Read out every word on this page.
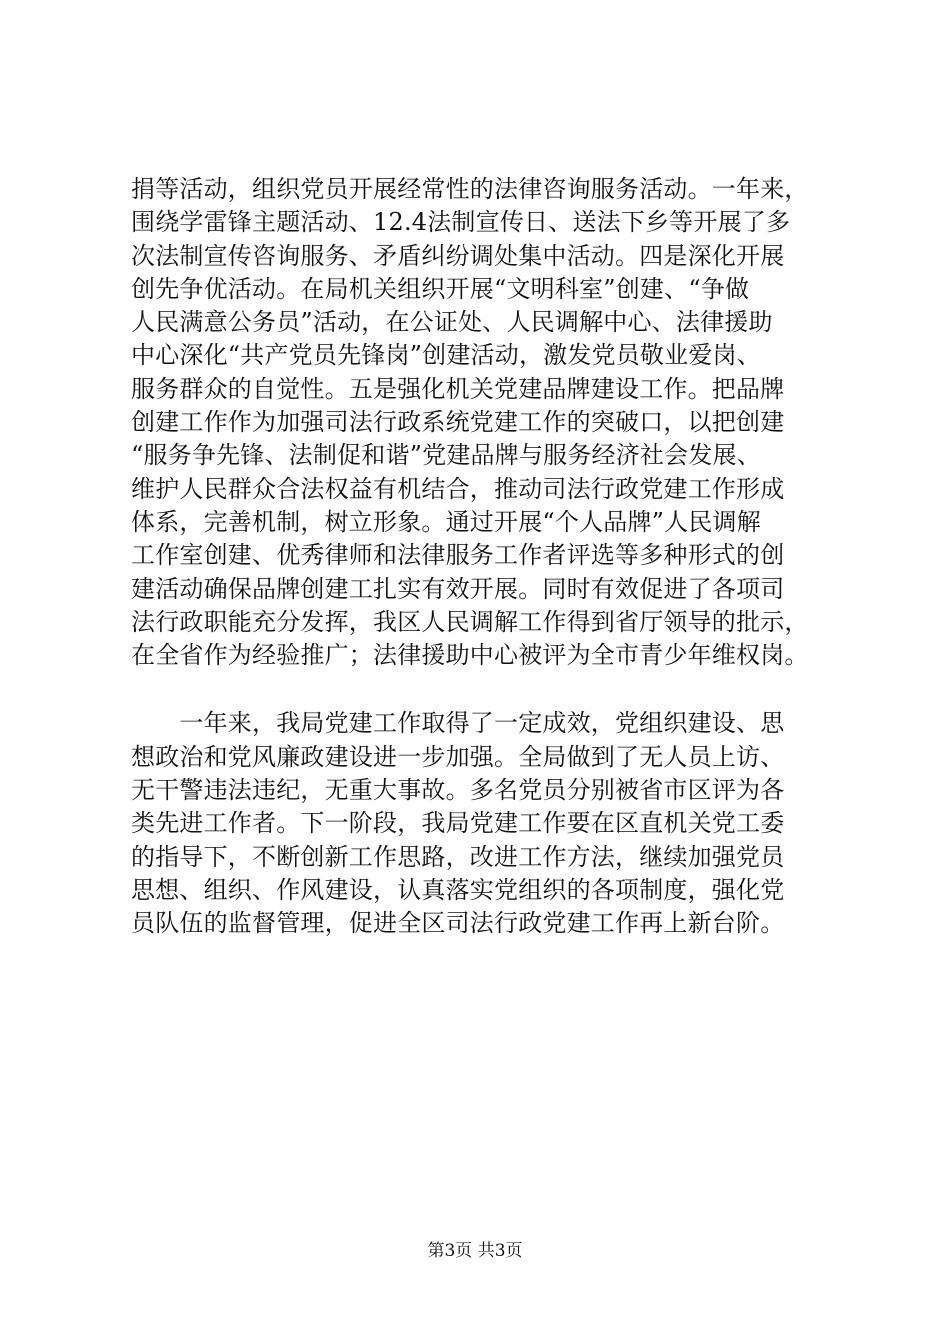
捐等活动，组织党员开展经常性的法律咨询服务活动。一年来，
围绕学雷锋主题活动、12.4法制宣传日、送法下乡等开展了多
次法制宣传咨询服务、矛盾纠纷调处集中活动。四是深化开展
创先争优活动。在局机关组织开展“文明科室”创建、“争做
人民满意公务员”活动，在公证处、人民调解中心、法律援助
中心深化“共产党员先锋岗”创建活动，激发党员敬业爱岗、
服务群众的自觉性。五是强化机关党建品牌建设工作。把品牌
创建工作作为加强司法行政系统党建工作的突破口，以把创建
“服务争先锋、法制促和谐”党建品牌与服务经济社会发展、
维护人民群众合法权益有机结合，推动司法行政党建工作形成
体系，完善机制，树立形象。通过开展“个人品牌”人民调解
工作室创建、优秀律师和法律服务工作者评选等多种形式的创
建活动确保品牌创建工扎实有效开展。同时有效促进了各项司
法行政职能充分发挥，我区人民调解工作得到省厅领导的批示，
在全省作为经验推广；法律援助中心被评为全市青少年维权岗。
　　一年来，我局党建工作取得了一定成效，党组织建设、思
想政治和党风廉政建设进一步加强。全局做到了无人员上访、
无干警违法违纪，无重大事故。多名党员分别被省市区评为各
类先进工作者。下一阶段，我局党建工作要在区直机关党工委
的指导下，不断创新工作思路，改进工作方法，继续加强党员
思想、组织、作风建设，认真落实党组织的各项制度，强化党
员队伍的监督管理，促进全区司法行政党建工作再上新台阶。
第3页 共3页
